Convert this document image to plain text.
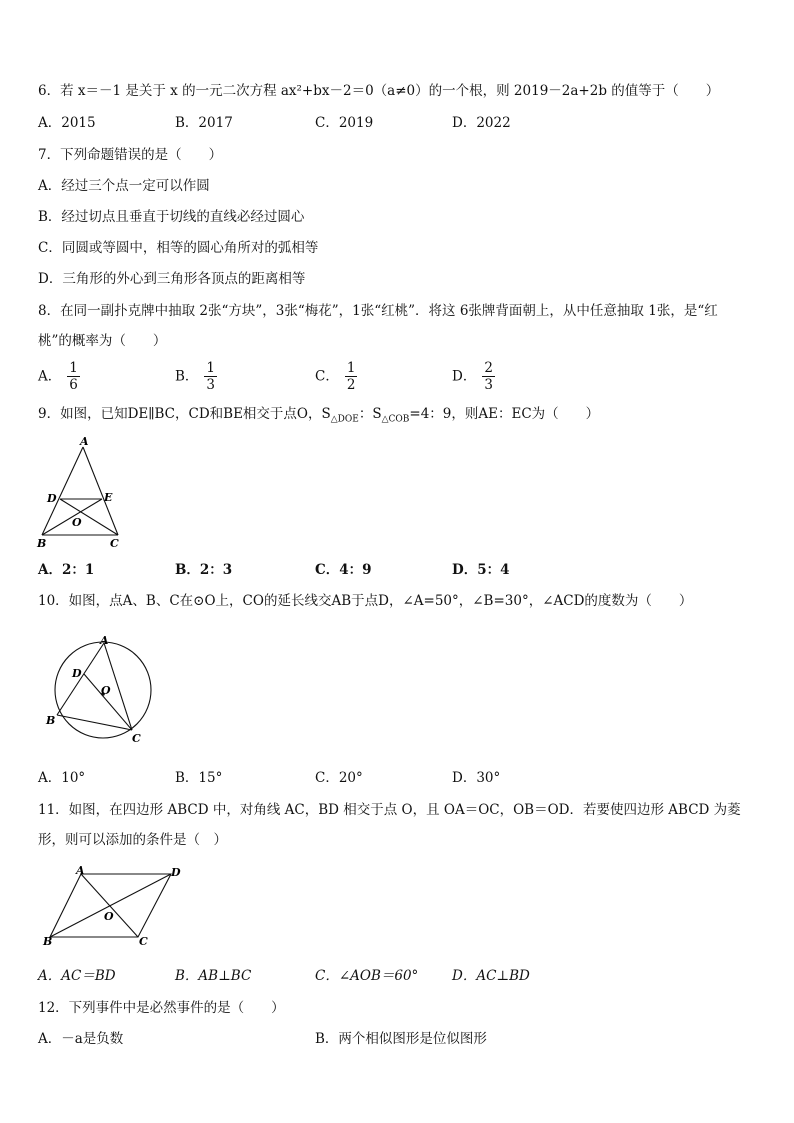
6．若 x＝－1 是关于 x 的一元二次方程 ax²+bx－2＝0（a≠0）的一个根，则 2019－2a+2b 的值等于（　　）
A．2015	B．2017	C．2019	D．2022
7．下列命题错误的是（　　）
A．经过三个点一定可以作圆
B．经过切点且垂直于切线的直线必经过圆心
C．同圆或等圆中，相等的圆心角所对的弧相等
D．三角形的外心到三角形各顶点的距离相等
8．在同一副扑克牌中抽取 2张“方块”，3张“梅花”，1张“红桃”．将这 6张牌背面朝上，从中任意抽取 1张，是“红
桃”的概率为（　　）
A． $\frac{1}{6}$	B． $\frac{1}{3}$	C． $\frac{1}{2}$	D． $\frac{2}{3}$
9．如图，已知DE∥BC，CD和BE相交于点O，$S_{\triangle DOE}$：$S_{\triangle COB}=4$：9，则AE：EC为（　　）
A
D	E
O
B	C
A．2：1	B．2：3	C．4：9	D．5：4
10．如图，点A、B、C在⊙O上，CO的延长线交AB于点D，∠A=50°，∠B=30°，∠ACD的度数为（　　）
A
D
O
B
C
A．10°	B．15°	C．20°	D．30°
11．如图，在四边形 ABCD 中，对角线 AC，BD 相交于点 O，且 OA＝OC，OB＝OD．若要使四边形 ABCD 为菱
形，则可以添加的条件是（　）
A	D
O
B	C
A．AC＝BD	B．AB⊥BC	C．∠AOB＝60° D．AC⊥BD
12．下列事件中是必然事件的是（　　）
A．－a是负数	B．两个相似图形是位似图形
